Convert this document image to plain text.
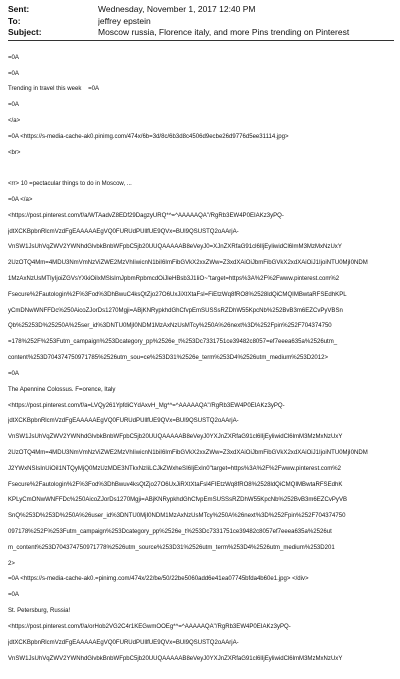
Sent:	Wednesday, November 1, 2017 12:40 PM
To:	jeffrey epstein
Subject:	Moscow russia, Florence italy, and more Pins trending on Pinterest

=0A

=0A

Trending in travel this week    =0A

=0A

</a>

=0A <https://s-media-cache-ak0.pinimg.com/474x/6b=3d/8c/6b3d8c4506d9ecbe26d9776d5ee31114.jpg>

<br>

<rr> 10 =pectacular things to do in Moscow, ...

=0A </a>

<https://post.pinterest.com/f/a/WTAadvZ8EDf29DagzyURQ*^=^AAAAAQA"/RgRb3EW4P0EIAKz3yPQ-

jdtXCKBpbnRlcmVzdFgEAAAAAEgVQ0FURUdPUllfUE9QVx=BUl9QSUSTQ2oAArjA-

VnSW1JsUhVqZWV2YWNhdGlvbkBnbWFpbC5jb20UUQAAAAAB8eVeyJ0=XJnZXRfaG91cl6lIjEyliwidCl6lmM3MzMxNzUxY

2UzOTQ4Mm=4MDU3NmVmNzViZWE2MzVhIiwicnN1biI6ImFibGVkX2xxZWw=Z3xdXAiOiJbmFibGVkX2xdXAiOiJ1IjoiNTU0MjI0NDM

1MzAxNzUsMTIyIjoiZGVsYXkiOilxMSlsImJpbmRpbmcdOiJleHBsb3J1IiO~"target=https%3A%2F%2Fwww.pinterest.com%2

Fsecure%2Fautologin%2F%3Fod%3DhBwuC4ksQtZjo27O6UxJiXtXtaFsl=FiEtzWq8fRO8%2528ldQiCMQIMBwtaRFSEdhKPL

yCmDNwWNFFDc%250AicoZJorDs1270Mgji=ABjKNRypkhdGhCfvpEmSUSSsRZDhW55KpcNb%252BvB3m6EZCvPyVBSn

Qb%25253D%25250A%25ser_id%3DNTU0MjI0NDM1MzAxNzUsMTcy%250A%26next%3D%252Fpin%252F704374750

=178%252F%253Futm_campaign%253Dcategory_pp%2526e_t%253Dc7331751ce39482c8057=ef7eeea635a%2526utm_

content%253D704374750971785%2526utm_sou=ce%253D31%2526e_term%253D4%2526utm_medium%253D2012>

=0A

The Apennine Colossus. F=orence, Italy

<https://post.pinterest.com/f/a=LVQy261YpfdiCYdAxvH_Mg*^=^AAAAAQA"/RgRb3EW4P0EIAKz3yPQ-

jdtXCKBpbnRlcmVzdFgEAAAAAEgVQ0FURUdPUllfUE9QVx=BUl9QSUSTQ2oAArjA-

VnSW1JsUhVqZWV2YWNhdGlvbkBnbWFpbC5jb20UUQAAAAAB8eVeyJ0YXJnZXRfaG91cl6lIjEyliwidCl6lmM3MzMxNzUxY

2UzOTQ4Mm=4MDU3NmVmNzViZWE2MzVhIiwicnN1biI6ImFibGVkX2xxZWw=Z3xdXAiOiJbmFibGVkX2xdXAiOiJ1IjoiNTU0MjI0NDM

J2YWxNSIsInUiOiI1NTQyMjQ0MzUzMDE3NTkxNzIiLCJkZWxheSI6IjExIn0"target=https%3A%2F%2Fwww.pinterest.com%2

Fsecure%2Fautologin%2F%3Fod%3DhBwuv4ksQtZjo27O6UxJiRXtXtaFsl4FIEtzWq8fRO8%2528ldQiCMQIMBwtaRFSEdhK

KPLyCmONwWNFFDc%250AicoZJorDs1270Mgji=ABjKNRypkhdGhCfvpEmSUSSsRZDhW55KpcNb%252BvB3m6EZCvPyVB

SnQ%253D%253D%250A%26user_id%3DNTU0MjI0NDM1MzAxNzUsMTcy%250A%26next%3D%252Fpin%252F704374750

097178%252F%253Futm_campaign%253Dcategory_pp%2526e_t%253Dc7331751ce39482c8057ef7eeea635a%2526ut

m_content%253D704374750971778%2526utm_source%253D31%2526utm_term%253D4%2526utm_medium%253D201

2>

=0A <https://s-media-cache-ak0.=pinimg.com/474x/22/be/50/22be5060add6e41ea07745bfda4b60e1.jpg> </div>

=0A

St. Petersburg, Russia!

<https://post.pinterest.com/f/a/orHob2VG2C4r1KEGwmOOEg*^=^AAAAAQA"/RgRb3EW4P0EIAKz3yPQ-

jdtXCKBpbnRlcmVzdFgEAAAAAEgVQ0FURUdPUllfUE9QVx=BUl9QSUSTQ2oAArjA-

VnSW1JsUhVqZWV2YWNhdGlvbkBnbWFpbC5jb20UUQAAAAAB8eVeyJ0YXJnZXRfaG91cl6lIjEyliwidCl6lmM3MzMxNzUxY
